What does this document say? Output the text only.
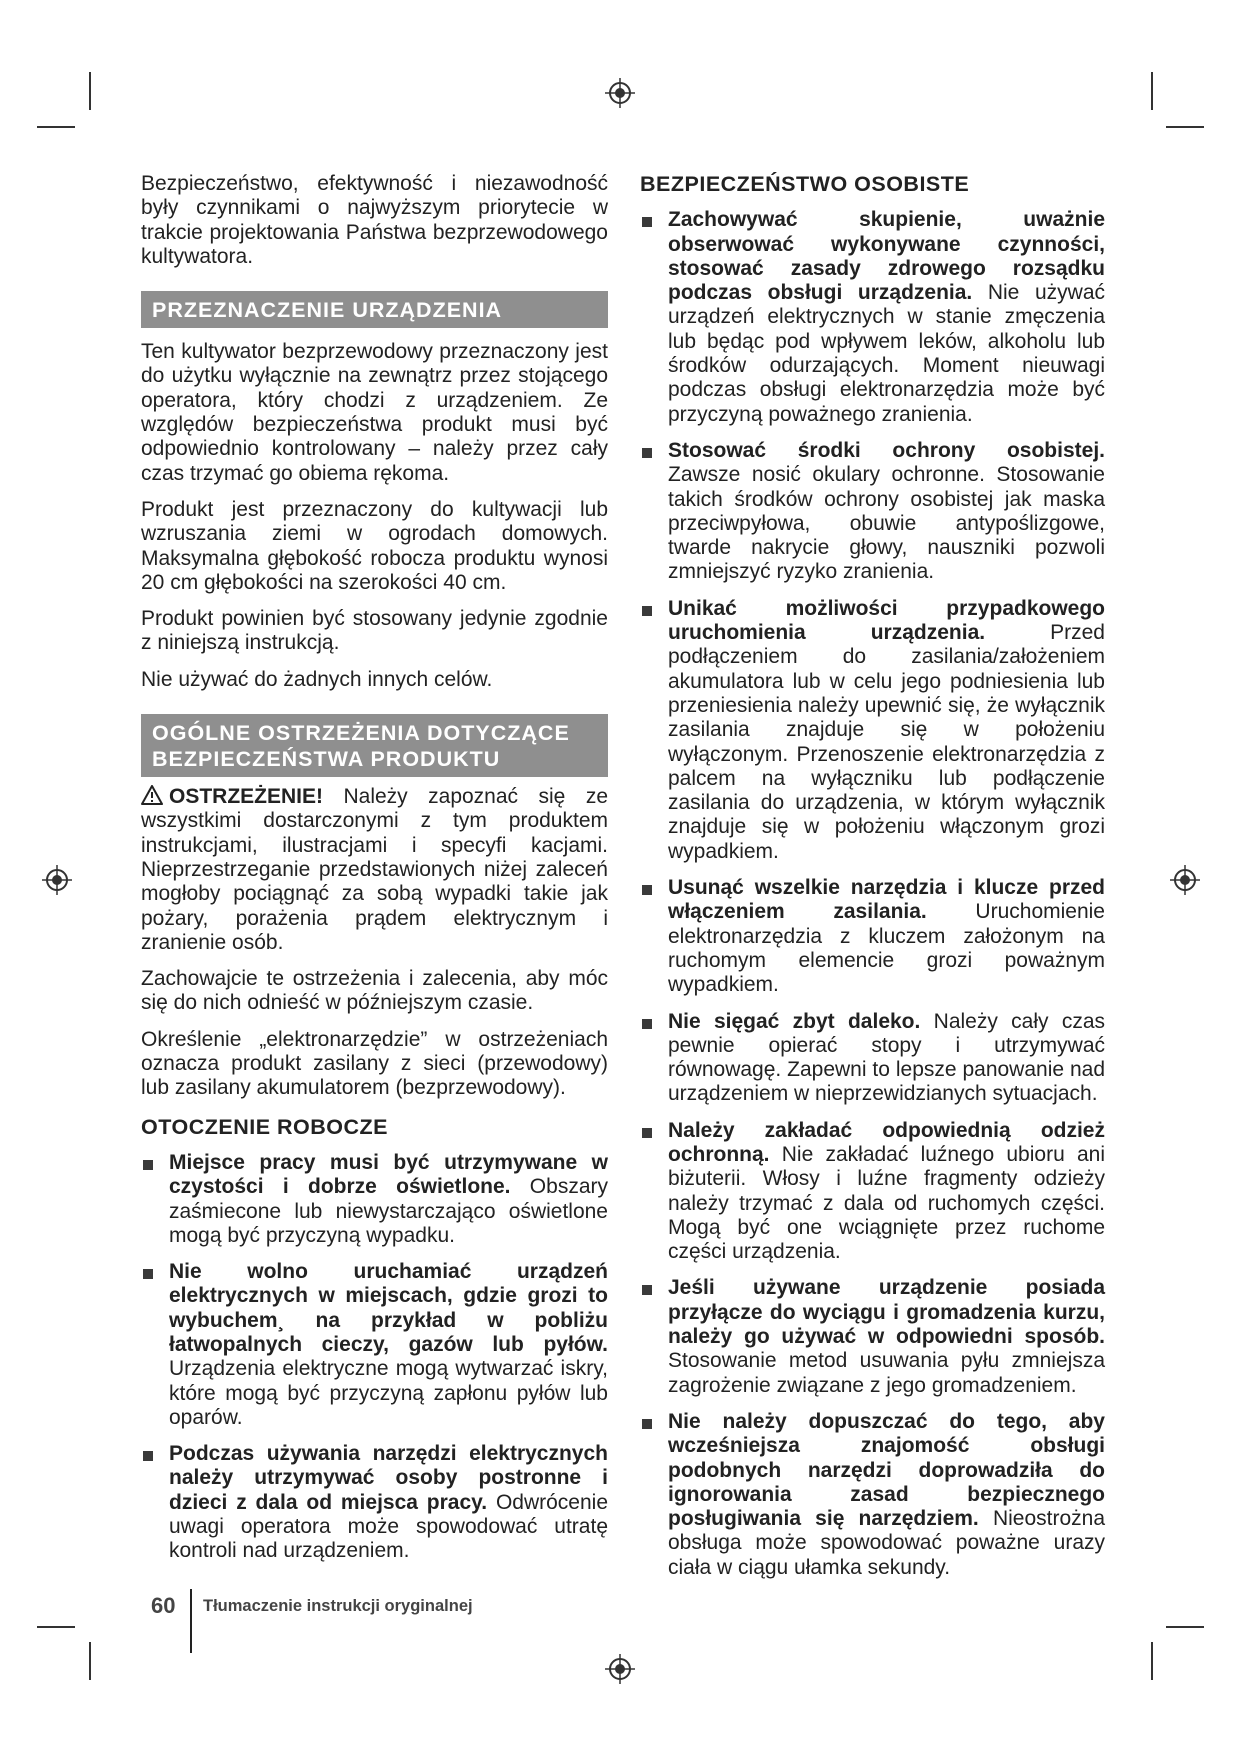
Bezpieczeństwo, efektywność i niezawodność były czynnikami o najwyższym priorytecie w trakcie projektowania Państwa bezprzewodowego kultywatora.

PRZEZNACZENIE URZĄDZENIA

Ten kultywator bezprzewodowy przeznaczony jest do użytku wyłącznie na zewnątrz przez stojącego operatora, który chodzi z urządzeniem. Ze względów bezpieczeństwa produkt musi być odpowiednio kontrolowany – należy przez cały czas trzymać go obiema rękoma.

Produkt jest przeznaczony do kultywacji lub wzruszania ziemi w ogrodach domowych. Maksymalna głębokość robocza produktu wynosi 20 cm głębokości na szerokości 40 cm.

Produkt powinien być stosowany jedynie zgodnie z niniejszą instrukcją.

Nie używać do żadnych innych celów.

OGÓLNE OSTRZEŻENIA DOTYCZĄCE
BEZPIECZEŃSTWA PRODUKTU

OSTRZEŻENIE! Należy zapoznać się ze wszystkimi dostarczonymi z tym produktem instrukcjami, ilustracjami i specyfi kacjami. Nieprzestrzeganie przedstawionych niżej zaleceń mogłoby pociągnąć za sobą wypadki takie jak pożary, porażenia prądem elektrycznym i zranienie osób.

Zachowajcie te ostrzeżenia i zalecenia, aby móc się do nich odnieść w późniejszym czasie.

Określenie „elektronarzędzie” w ostrzeżeniach oznacza produkt zasilany z sieci (przewodowy) lub zasilany akumulatorem (bezprzewodowy).

OTOCZENIE ROBOCZE
Miejsce pracy musi być utrzymywane w czystości i dobrze oświetlone. Obszary zaśmiecone lub niewystarczająco oświetlone mogą być przyczyną wypadku.
Nie wolno uruchamiać urządzeń elektrycznych w miejscach, gdzie grozi to wybuchem¸ na przykład w pobliżu łatwopalnych cieczy, gazów lub pyłów. Urządzenia elektryczne mogą wytwarzać iskry, które mogą być przyczyną zapłonu pyłów lub oparów.
Podczas używania narzędzi elektrycznych należy utrzymywać osoby postronne i dzieci z dala od miejsca pracy. Odwrócenie uwagi operatora może spowodować utratę kontroli nad urządzeniem.
BEZPIECZEŃSTWO OSOBISTE
Zachowywać skupienie, uważnie obserwować wykonywane czynności, stosować zasady zdrowego rozsądku podczas obsługi urządzenia. Nie używać urządzeń elektrycznych w stanie zmęczenia lub będąc pod wpływem leków, alkoholu lub środków odurzających. Moment nieuwagi podczas obsługi elektronarzędzia może być przyczyną poważnego zranienia.
Stosować środki ochrony osobistej. Zawsze nosić okulary ochronne. Stosowanie takich środków ochrony osobistej jak maska przeciwpyłowa, obuwie antypoślizgowe, twarde nakrycie głowy, nauszniki pozwoli zmniejszyć ryzyko zranienia.
Unikać możliwości przypadkowego uruchomienia urządzenia. Przed podłączeniem do zasilania/założeniem akumulatora lub w celu jego podniesienia lub przeniesienia należy upewnić się, że wyłącznik zasilania znajduje się w położeniu wyłączonym. Przenoszenie elektronarzędzia z palcem na wyłączniku lub podłączenie zasilania do urządzenia, w którym wyłącznik znajduje się w położeniu włączonym grozi wypadkiem.
Usunąć wszelkie narzędzia i klucze przed włączeniem zasilania. Uruchomienie elektronarzędzia z kluczem założonym na ruchomym elemencie grozi poważnym wypadkiem.
Nie sięgać zbyt daleko. Należy cały czas pewnie opierać stopy i utrzymywać równowagę. Zapewni to lepsze panowanie nad urządzeniem w nieprzewidzianych sytuacjach.
Należy zakładać odpowiednią odzież ochronną. Nie zakładać luźnego ubioru ani biżuterii. Włosy i luźne fragmenty odzieży należy trzymać z dala od ruchomych części. Mogą być one wciągnięte przez ruchome części urządzenia.
Jeśli używane urządzenie posiada przyłącze do wyciągu i gromadzenia kurzu, należy go używać w odpowiedni sposób. Stosowanie metod usuwania pyłu zmniejsza zagrożenie związane z jego gromadzeniem.
Nie należy dopuszczać do tego, aby wcześniejsza znajomość obsługi podobnych narzędzi doprowadziła do ignorowania zasad bezpiecznego posługiwania się narzędziem. Nieostrożna obsługa może spowodować poważne urazy ciała w ciągu ułamka sekundy.
60 Tłumaczenie instrukcji oryginalnej
